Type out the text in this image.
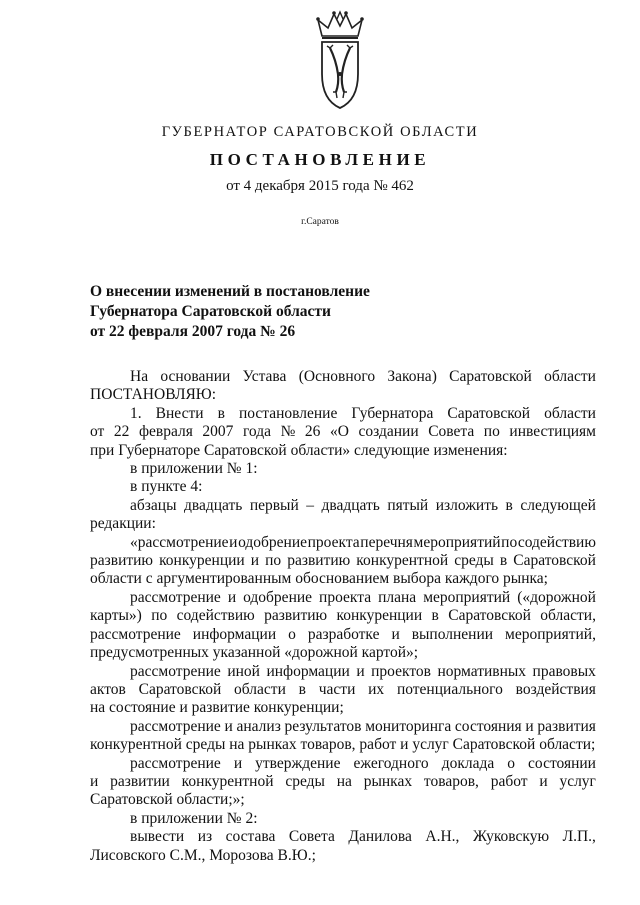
ГУБЕРНАТОР САРАТОВСКОЙ ОБЛАСТИ
ПОСТАНОВЛЕНИЕ
от 4 декабря 2015 года № 462
г.Саратов
О внесении изменений в постановление
Губернатора Саратовской области
от 22 февраля 2007 года № 26
На основании Устава (Основного Закона) Саратовской области
ПОСТАНОВЛЯЮ:
1. Внести в постановление Губернатора Саратовской области
от 22 февраля 2007 года № 26 «О создании Совета по инвестициям
при Губернаторе Саратовской области» следующие изменения:
в приложении № 1:
в пункте 4:
абзацы двадцать первый – двадцать пятый изложить в следующей
редакции:
«рассмотрение и одобрение проекта перечня мероприятий по содействию
развитию конкуренции и по развитию конкурентной среды в Саратовской
области с аргументированным обоснованием выбора каждого рынка;
рассмотрение и одобрение проекта плана мероприятий («дорожной
карты») по содействию развитию конкуренции в Саратовской области,
рассмотрение информации о разработке и выполнении мероприятий,
предусмотренных указанной «дорожной картой»;
рассмотрение иной информации и проектов нормативных правовых
актов Саратовской области в части их потенциального воздействия
на состояние и развитие конкуренции;
рассмотрение и анализ результатов мониторинга состояния и развития
конкурентной среды на рынках товаров, работ и услуг Саратовской области;
рассмотрение и утверждение ежегодного доклада о состоянии
и развитии конкурентной среды на рынках товаров, работ и услуг
Саратовской области;»;
в приложении № 2:
вывести из состава Совета Данилова А.Н., Жуковскую Л.П.,
Лисовского С.М., Морозова В.Ю.;
